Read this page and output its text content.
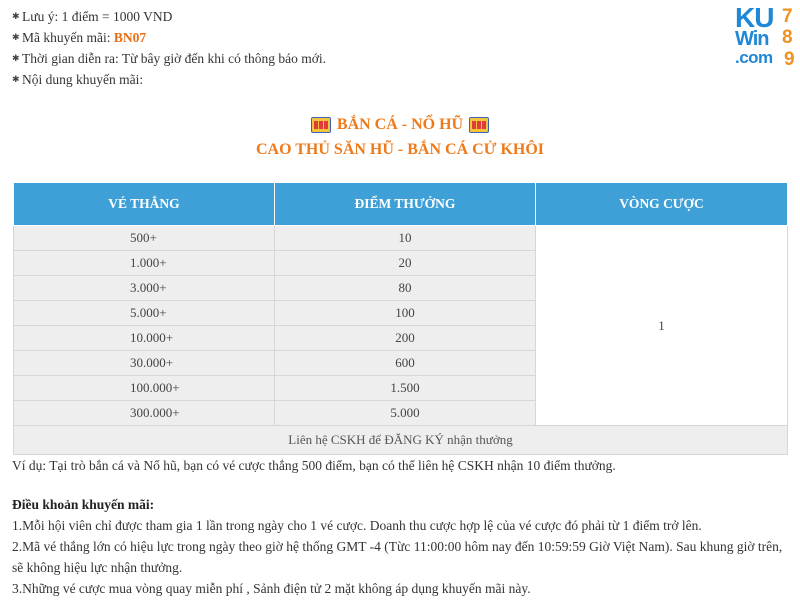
✱ Lưu ý: 1 điểm = 1000 VND
✱ Mã khuyến mãi: BN07
✱ Thời gian diễn ra: Từ bây giờ đến khi có thông báo mới.
✱ Nội dung khuyến mãi:
KU
Win
.com
7
8
9
BẮN CÁ - NỔ HŨ
CAO THỦ SĂN HŨ - BẮN CÁ CỬ KHÔI
VÉ THẮNG	ĐIỂM THƯỞNG	VÒNG CƯỢC
500+	10	1
1.000+	20	
3.000+	80	
5.000+	100	
10.000+	200	
30.000+	600	
100.000+	1.500	
300.000+	5.000	
Liên hệ CSKH để ĐĂNG KÝ nhận thưởng		
Ví dụ: Tại trò bắn cá và Nổ hũ, bạn có vé cược thắng 500 điểm, bạn có thể liên hệ CSKH nhận 10 điểm thưởng.
Điều khoản khuyến mãi:
1.Mỗi hội viên chỉ được tham gia 1 lần trong ngày cho 1 vé cược. Doanh thu cược hợp lệ của vé cược đó phải từ 1 điểm trở lên.
2.Mã vé thắng lớn có hiệu lực trong ngày theo giờ hệ thống GMT -4 (Từc 11:00:00 hôm nay đến 10:59:59 Giờ Việt Nam). Sau khung giờ trên, sẽ không hiệu lực nhận thưởng.
3.Những vé cược mua vòng quay miễn phí , Sảnh điện tử 2 mặt không áp dụng khuyến mãi này.
